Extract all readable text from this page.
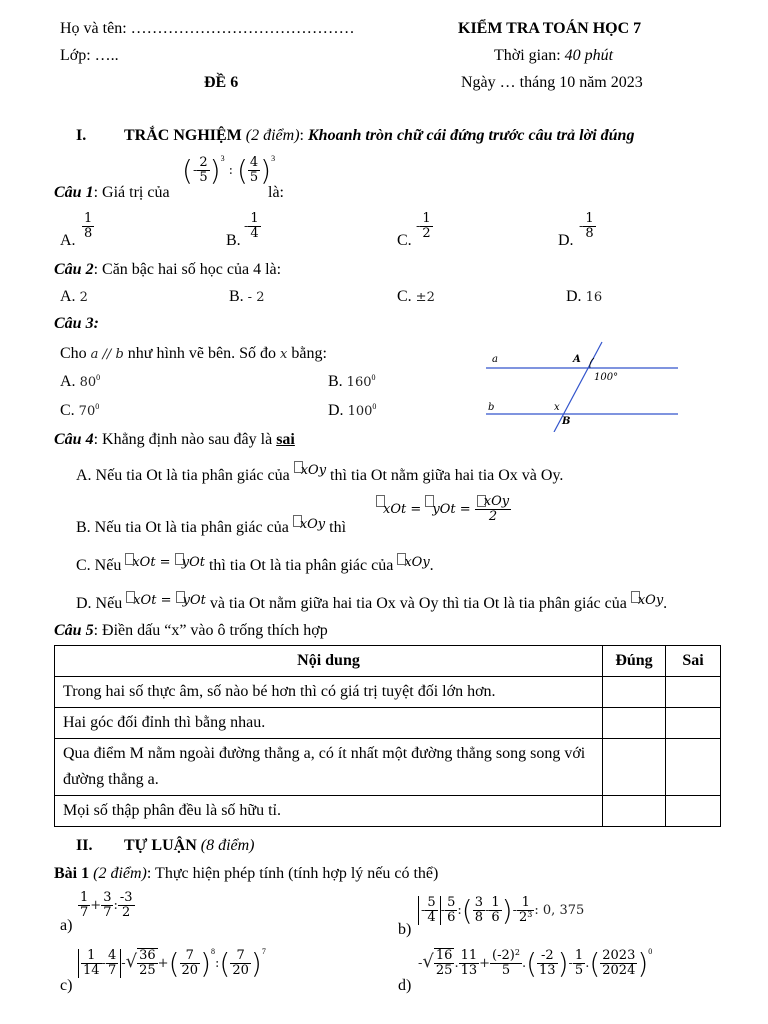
Họ và tên: ……………………………………	KIỂM TRA TOÁN HỌC 7
Lớp: …..	Thời gian: 40 phút
ĐỀ 6	Ngày … tháng 10 năm 2023
I. TRẮC NGHIỆM (2 điểm): Khoanh tròn chữ cái đứng trước câu trả lời đúng
Câu 1: Giá trị của
(- $\frac{2}{5} )^3$ : ( $\frac{4}{5} )^3$
là:
A.
$\frac{1}{8}$
B.
- $\frac{1}{4}$
C.
- $\frac{1}{2}$
D.
- $\frac{1}{8}$
Câu 2: Căn bậc hai số học của 4 là:
A. 2	B. - 2	C. ±2	D. 16
Câu 3:
Cho a // b như hình vẽ bên. Số đo x bằng:
A. $80^0$	B. $160^0$
C. $70^0$	D. $100^0$
a
b
A
B
100°
x
Câu 4: Khẳng định nào sau đây là sai
A. Nếu tia Ot là tia phân giác của $^{xOy}$ thì tia Ot nằm giữa hai tia Ox và Oy.
B. Nếu tia Ot là tia phân giác của $^{xOy}$ thì
xOt = yOt = $\frac{\text{xOy}}{2}$
C. Nếu $^{xOt = yOt}$ thì tia Ot là tia phân giác của $^{xOy}$.
D. Nếu $^{xOt = yOt}$ và tia Ot nằm giữa hai tia Ox và Oy thì tia Ot là tia phân giác của $^{xOy}$.
Câu 5: Điền dấu “x” vào ô trống thích hợp
Nội dung	Đúng	Sai
Trong hai số thực âm, số nào bé hơn thì có giá trị tuyệt đối lớn hơn.		
Hai góc đối đỉnh thì bằng nhau.		
Qua điểm M nằm ngoài đường thẳng a, có ít nhất một đường thẳng song song với đường thẳng a.		
Mọi số thập phân đều là số hữu tỉ.		
II. TỰ LUẬN (8 điểm)
Bài 1 (2 điểm): Thực hiện phép tính (tính hợp lý nếu có thể)
a)
$\frac{1}{7} + \frac{3}{7}$ : $\frac{-3}{2}$
b)
- $\frac{5}{4} - \frac{5}{6}$ :( $\frac{3}{8} - \frac{1}{6}$ )- $\frac{1}{2^3}$ : 0, 375
c)
$\frac{1}{14} - \frac{4}{7}$ -√ $\frac{36}{25}$ +( $\frac{7}{20}$ )$^8$:( $\frac{7}{20} )^7$
d)
-√ $\frac{16}{25}$ . $\frac{11}{13} + \frac{(-2)^2}{5}$ .( $\frac{-2}{13}$ )- $\frac{1}{5}$ .( $\frac{2023}{2024} )^0$
